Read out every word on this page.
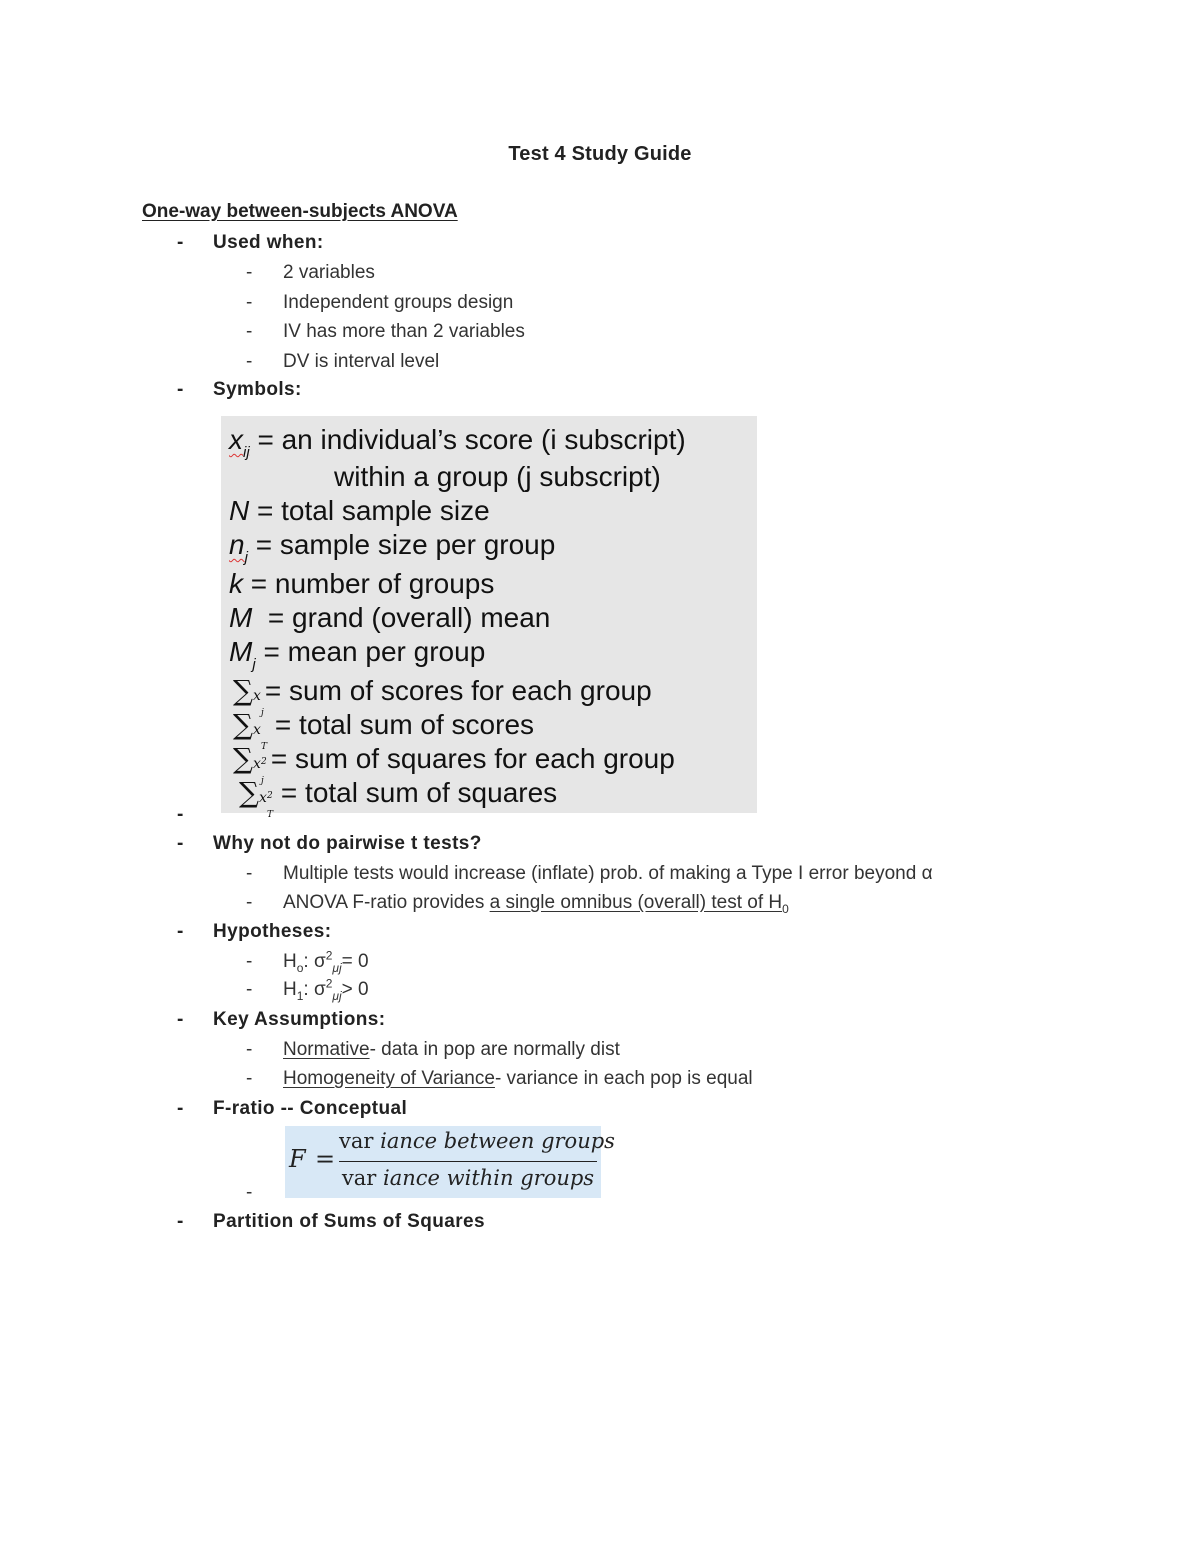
Test 4 Study Guide
One-way between-subjects ANOVA
- Used when:
- 2 variables
- Independent groups design
- IV has more than 2 variables
- DV is interval level
- Symbols:
$x_{ij}$ = an individual’s score (i subscript)
within a group (j subscript)
N = total sample size
$n_j$ = sample size per group
k = number of groups
M  = grand (overall) mean
$M_j$ = mean per group
∑x
j
= sum of scores for each group
∑x
T
= total sum of scores
∑x 2
j
= sum of squares for each group
∑x 2
T
= total sum of squares
-
- Why not do pairwise t tests?
- Multiple tests would increase (inflate) prob. of making a Type I error beyond α
- ANOVA F-ratio provides a single omnibus (overall) test of $H_0$
- Hypotheses:
- $H_o$: $\sigma^2_{\mu j}= 0$
- $H_1$: $\sigma^2_{\mu j}> 0$
- Key Assumptions:
- Normative- data in pop are normally dist
- Homogeneity of Variance- variance in each pop is equal
- F-ratio -- Conceptual
F =
var iance between groups
var iance within groups
-
- Partition of Sums of Squares
